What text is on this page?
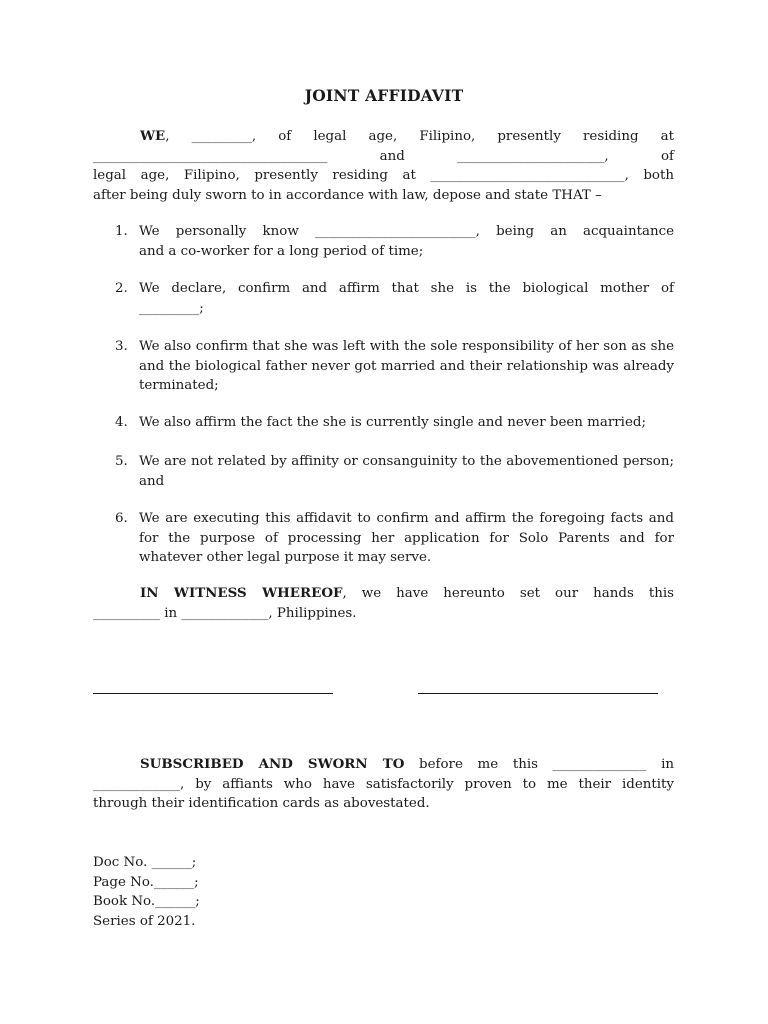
JOINT AFFIDAVIT
WE, _________, of legal age, Filipino, presently residing at
___________________________________ and ______________________, of
legal age, Filipino, presently residing at _____________________________, both
after being duly sworn to in accordance with law, depose and state THAT –
1. We personally know ________________________, being an acquaintance
and a co-worker for a long period of time;
2. We declare, confirm and affirm that she is the biological mother of
_________;
3. We also confirm that she was left with the sole responsibility of her son as she
and the biological father never got married and their relationship was already
terminated;
4. We also affirm the fact the she is currently single and never been married;
5. We are not related by affinity or consanguinity to the abovementioned person;
and
6. We are executing this affidavit to confirm and affirm the foregoing facts and
for the purpose of processing her application for Solo Parents and for
whatever other legal purpose it may serve.
IN WITNESS WHEREOF, we have hereunto set our hands this
__________ in _____________, Philippines.
SUBSCRIBED AND SWORN TO before me this ______________ in
_____________, by affiants who have satisfactorily proven to me their identity
through their identification cards as abovestated.
Doc No. ______;
Page No.______;
Book No.______;
Series of 2021.
